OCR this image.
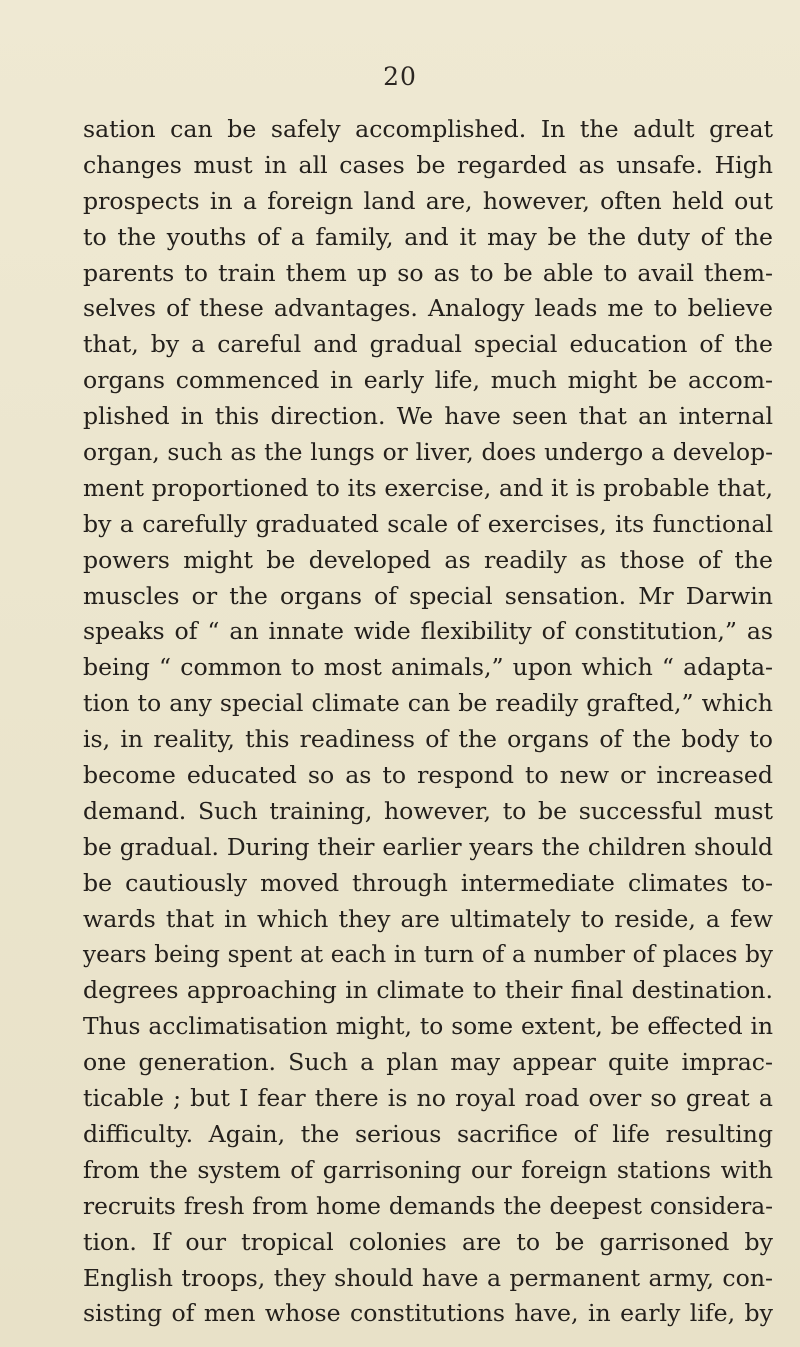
20
sation can be safely accomplished. In the adult great
changes must in all cases be regarded as unsafe. High
prospects in a foreign land are, however, often held out
to the youths of a family, and it may be the duty of the
parents to train them up so as to be able to avail them-
selves of these advantages. Analogy leads me to believe
that, by a careful and gradual special education of the
organs commenced in early life, much might be accom-
plished in this direction. We have seen that an internal
organ, such as the lungs or liver, does undergo a develop-
ment proportioned to its exercise, and it is probable that,
by a carefully graduated scale of exercises, its functional
powers might be developed as readily as those of the
muscles or the organs of special sensation. Mr Darwin
speaks of “ an innate wide flexibility of constitution,” as
being “ common to most animals,” upon which “ adapta-
tion to any special climate can be readily grafted,” which
is, in reality, this readiness of the organs of the body to
become educated so as to respond to new or increased
demand. Such training, however, to be successful must
be gradual. During their earlier years the children should
be cautiously moved through intermediate climates to-
wards that in which they are ultimately to reside, a few
years being spent at each in turn of a number of places by
degrees approaching in climate to their final destination.
Thus acclimatisation might, to some extent, be effected in
one generation. Such a plan may appear quite imprac-
ticable ; but I fear there is no royal road over so great a
difficulty. Again, the serious sacrifice of life resulting
from the system of garrisoning our foreign stations with
recruits fresh from home demands the deepest considera-
tion. If our tropical colonies are to be garrisoned by
English troops, they should have a permanent army, con-
sisting of men whose constitutions have, in early life, by
